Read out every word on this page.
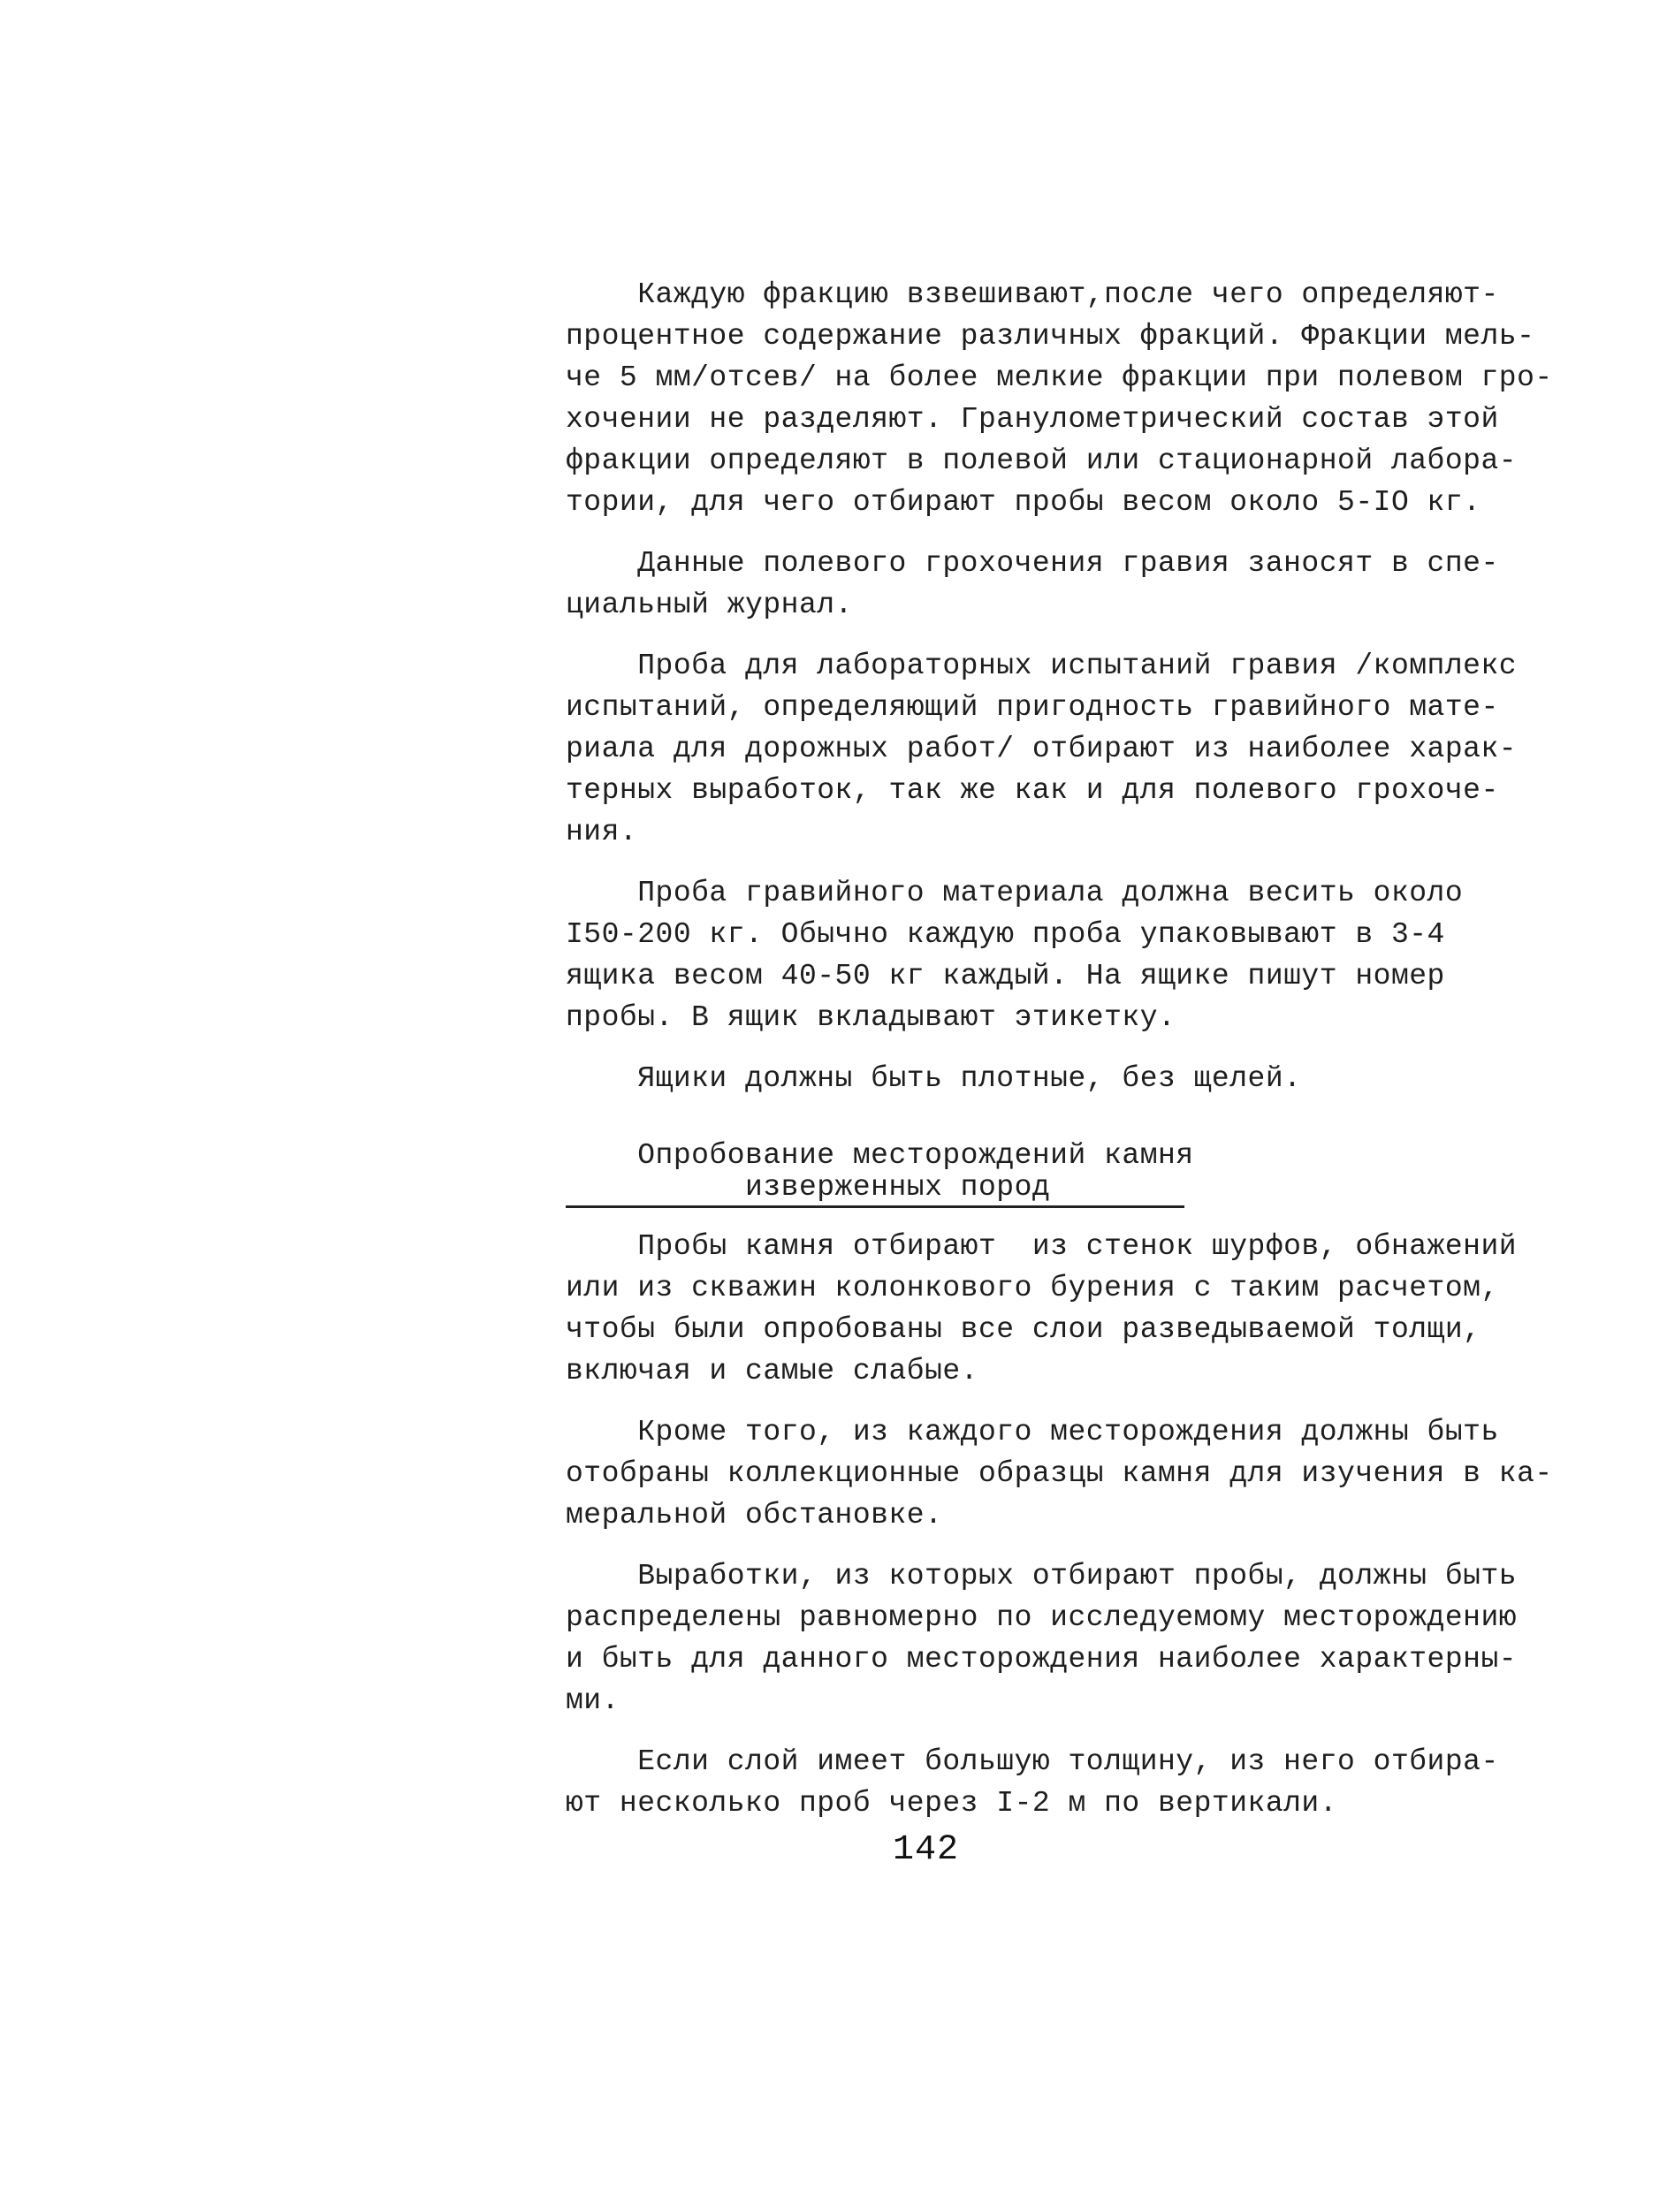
Каждую фракцию взвешивают,после чего определяют-
процентное содержание различных фракций. Фракции мель-
че 5 мм/отсев/ на более мелкие фракции при полевом гро-
хочении не разделяют. Гранулометрический состав этой
фракции определяют в полевой или стационарной лабора-
тории, для чего отбирают пробы весом около 5-IO кг.
Данные полевого грохочения гравия заносят в спе-
циальный журнал.
Проба для лабораторных испытаний гравия /комплекс
испытаний, определяющий пригодность гравийного мате-
риала для дорожных работ/ отбирают из наиболее харак-
терных выработок, так же как и для полевого грохоче-
ния.
Проба гравийного материала должна весить около
I50-200 кг. Обычно каждую проба упаковывают в 3-4
ящика весом 40-50 кг каждый. На ящике пишут номер
пробы. В ящик вкладывают этикетку.
Ящики должны быть плотные, без щелей.
Опробование месторождений камня
изверженных пород
Пробы камня отбирают  из стенок шурфов, обнажений
или из скважин колонкового бурения с таким расчетом,
чтобы были опробованы все слои разведываемой толщи,
включая и самые слабые.
Кроме того, из каждого месторождения должны быть
отобраны коллекционные образцы камня для изучения в ка-
меральной обстановке.
Выработки, из которых отбирают пробы, должны быть
распределены равномерно по исследуемому месторождению
и быть для данного месторождения наиболее характерны-
ми.
Если слой имеет большую толщину, из него отбира-
ют несколько проб через I-2 м по вертикали.
142
